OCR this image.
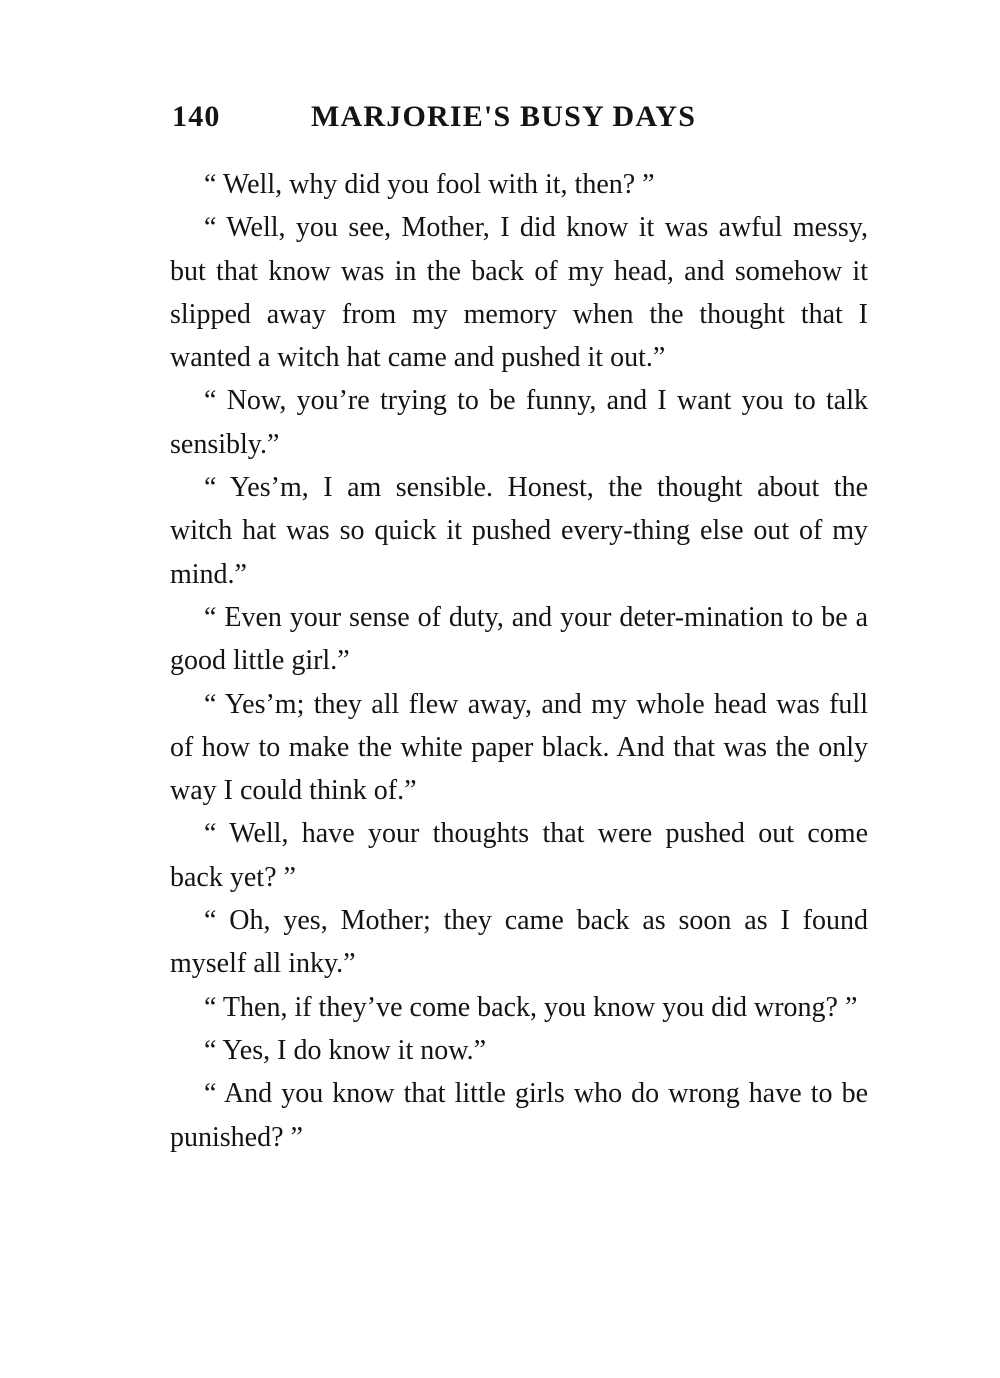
140	MARJORIE'S BUSY DAYS

“ Well, why did you fool with it, then? ”

“ Well, you see, Mother, I did know it was awful messy, but that know was in the back of my head, and somehow it slipped away from my memory when the thought that I wanted a witch hat came and pushed it out.”

“ Now, you’re trying to be funny, and I want you to talk sensibly.”

“ Yes’m, I am sensible. Honest, the thought about the witch hat was so quick it pushed every-thing else out of my mind.”

“ Even your sense of duty, and your deter-mination to be a good little girl.”

“ Yes’m; they all flew away, and my whole head was full of how to make the white paper black. And that was the only way I could think of.”

“ Well, have your thoughts that were pushed out come back yet? ”

“ Oh, yes, Mother; they came back as soon as I found myself all inky.”

“ Then, if they’ve come back, you know you did wrong? ”

“ Yes, I do know it now.”

“ And you know that little girls who do wrong have to be punished? ”
